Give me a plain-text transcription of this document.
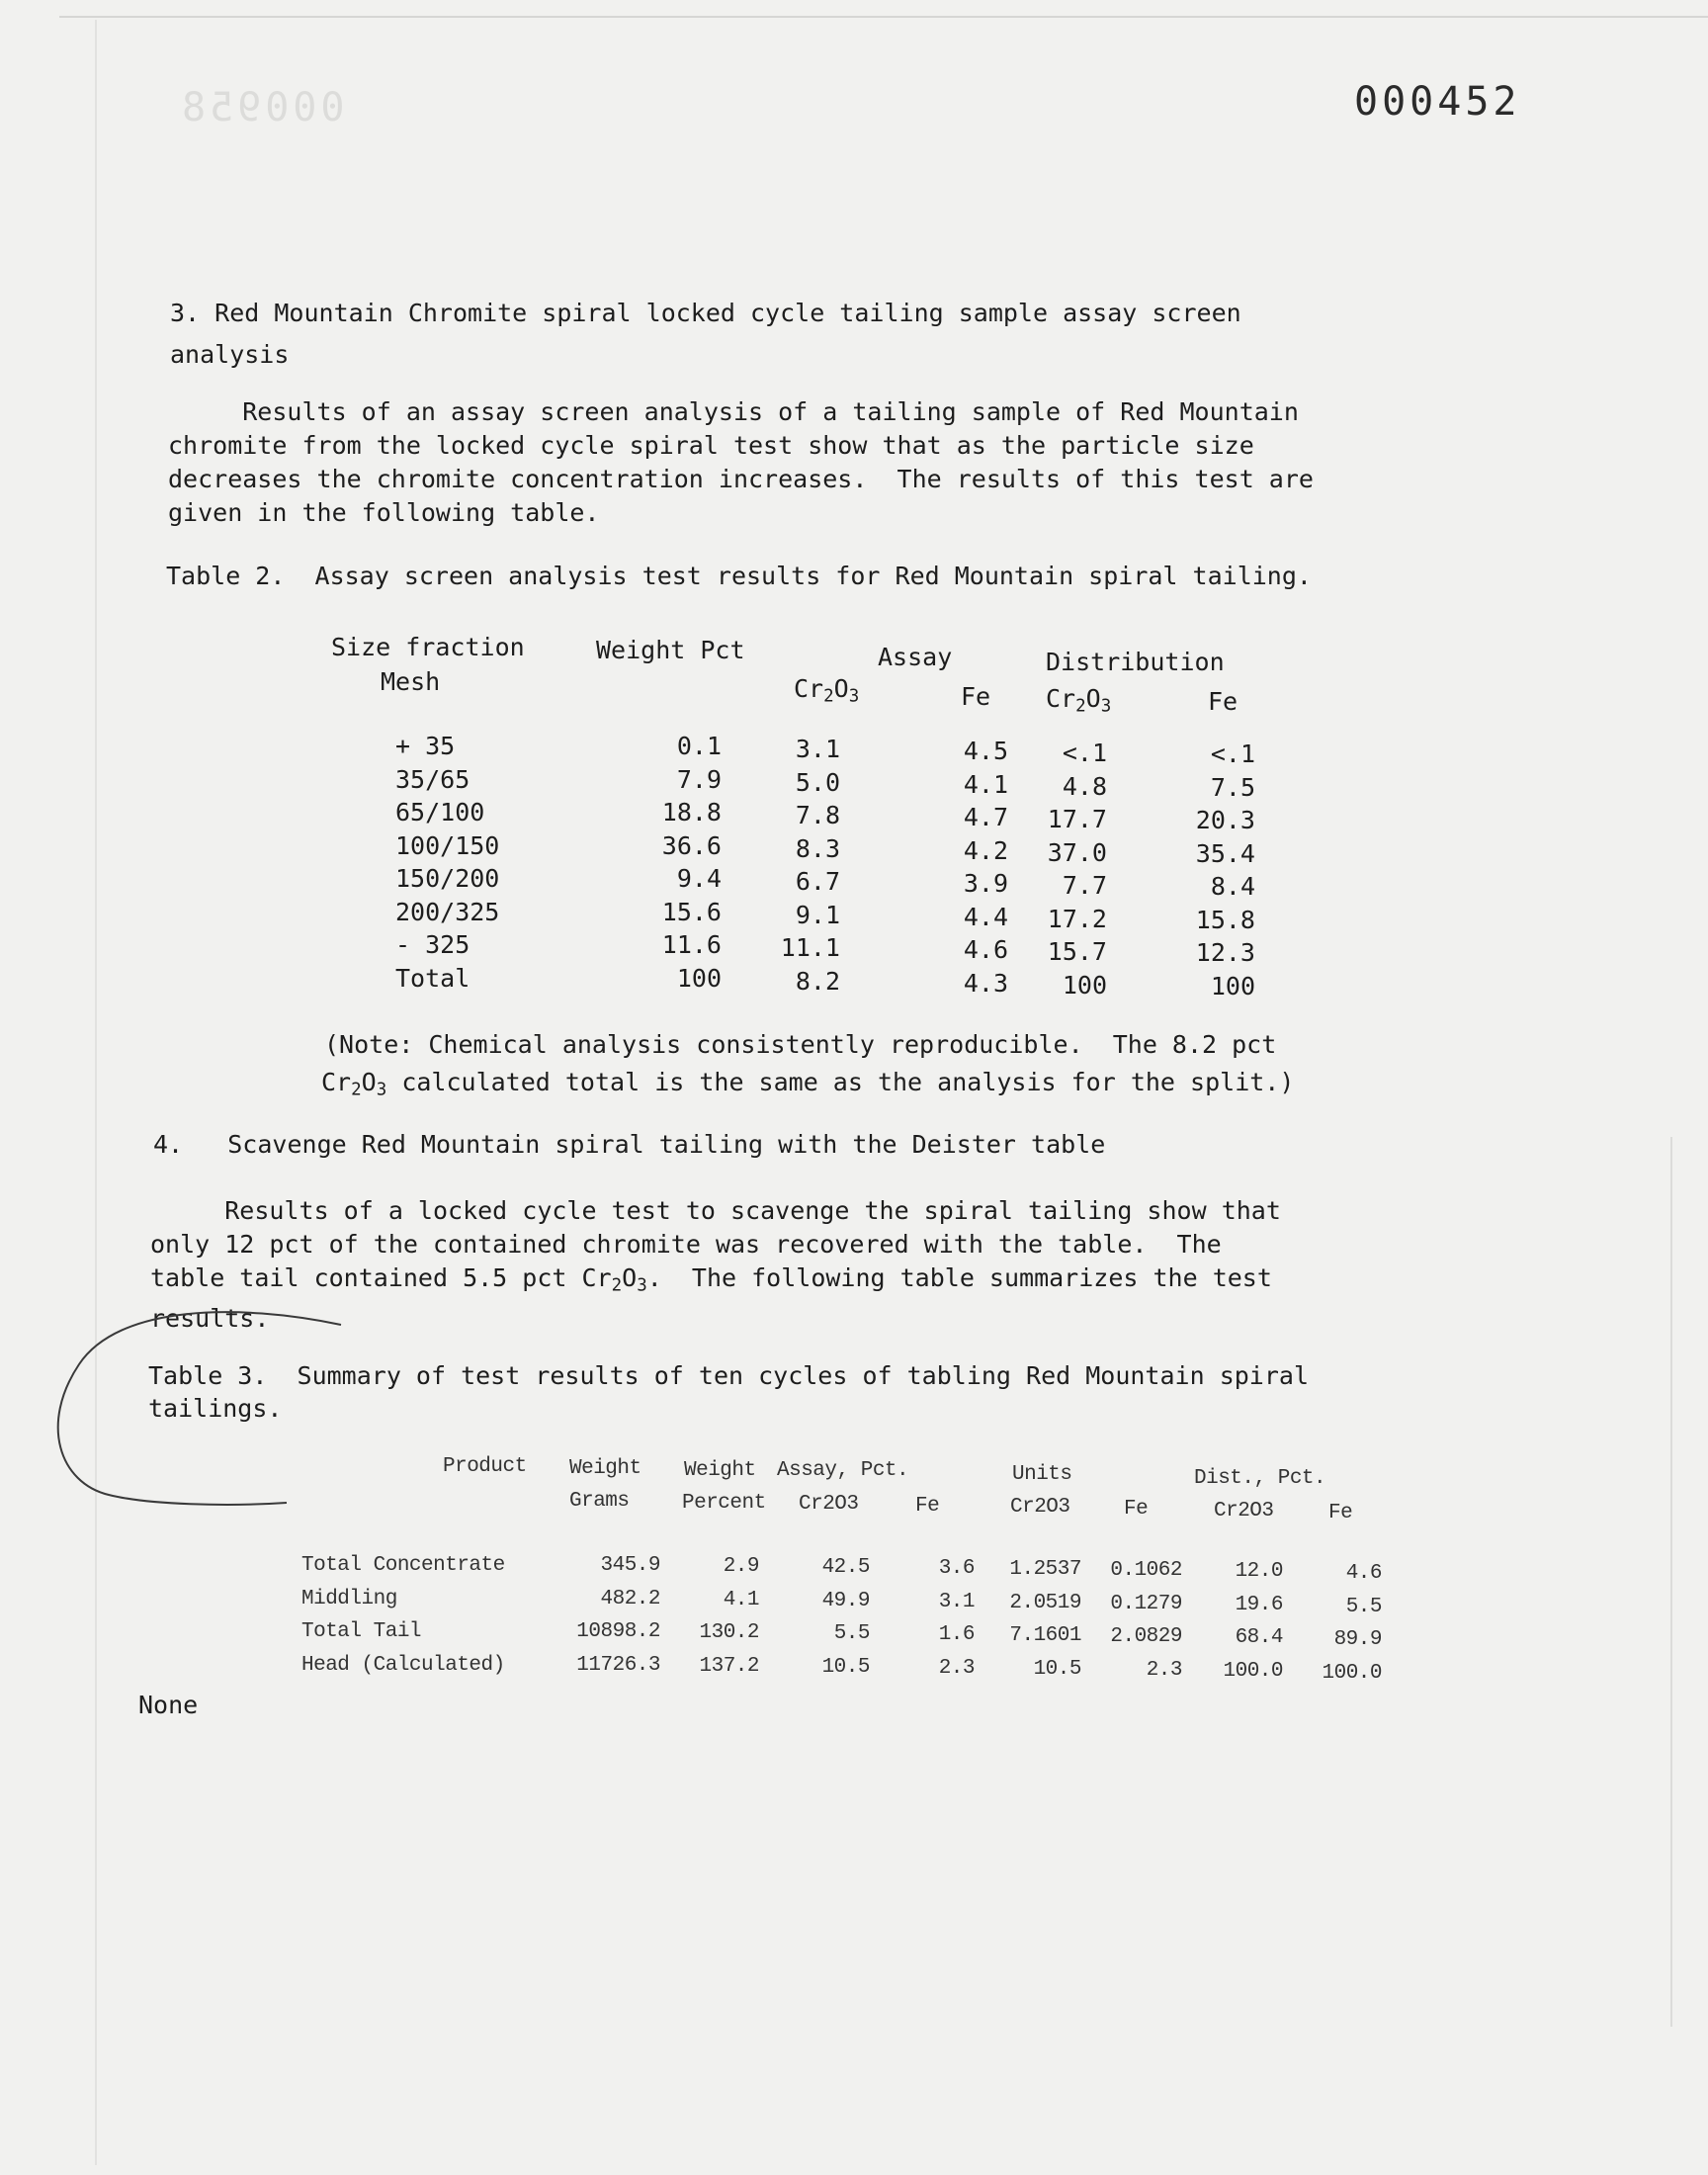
000958	000452
3. Red Mountain Chromite spiral locked cycle tailing sample assay screen
analysis
Results of an assay screen analysis of a tailing sample of Red Mountain
chromite from the locked cycle spiral test show that as the particle size
decreases the chromite concentration increases.  The results of this test are
given in the following table.
Table 2.  Assay screen analysis test results for Red Mountain spiral tailing.
Size fraction
Mesh
Weight Pct	Assay	Distribution
$Cr_2O_3$	Fe $Cr_2O_3$	Fe
+ 35	0.1	3.1	4.5	<.1	<.1
35/65	7.9	5.0	4.1	4.8	7.5
65/100	18.8	7.8	4.7	17.7	20.3
100/150	36.6	8.3	4.2	37.0	35.4
150/200	9.4	6.7	3.9	7.7	8.4
200/325	15.6	9.1	4.4	17.2	15.8
- 325	11.6	11.1	4.6	15.7	12.3
Total	100	8.2	4.3	100	100
(Note: Chemical analysis consistently reproducible.  The 8.2 pct
$Cr_2O_3$ calculated total is the same as the analysis for the split.)
4.   Scavenge Red Mountain spiral tailing with the Deister table
Results of a locked cycle test to scavenge the spiral tailing show that
only 12 pct of the contained chromite was recovered with the table.  The
table tail contained 5.5 pct $Cr_2O_3$.  The following table summarizes the test
results.
Table 3.  Summary of test results of ten cycles of tabling Red Mountain spiral
tailings.
Product Weight
Grams
Weight
Percent
Assay, Pct.
Cr2O3	Fe
Units
Cr2O3	Fe
Dist., Pct.
Cr2O3	Fe
Total Concentrate	345.9	2.9	42.5	3.6	1.2537	0.1062	12.0	4.6
Middling	482.2	4.1	49.9	3.1	2.0519	0.1279	19.6	5.5
Total Tail	10898.2	130.2	5.5	1.6	7.1601	2.0829	68.4	89.9
Head (Calculated)	11726.3	137.2	10.5	2.3	10.5	2.3	100.0	100.0
None
